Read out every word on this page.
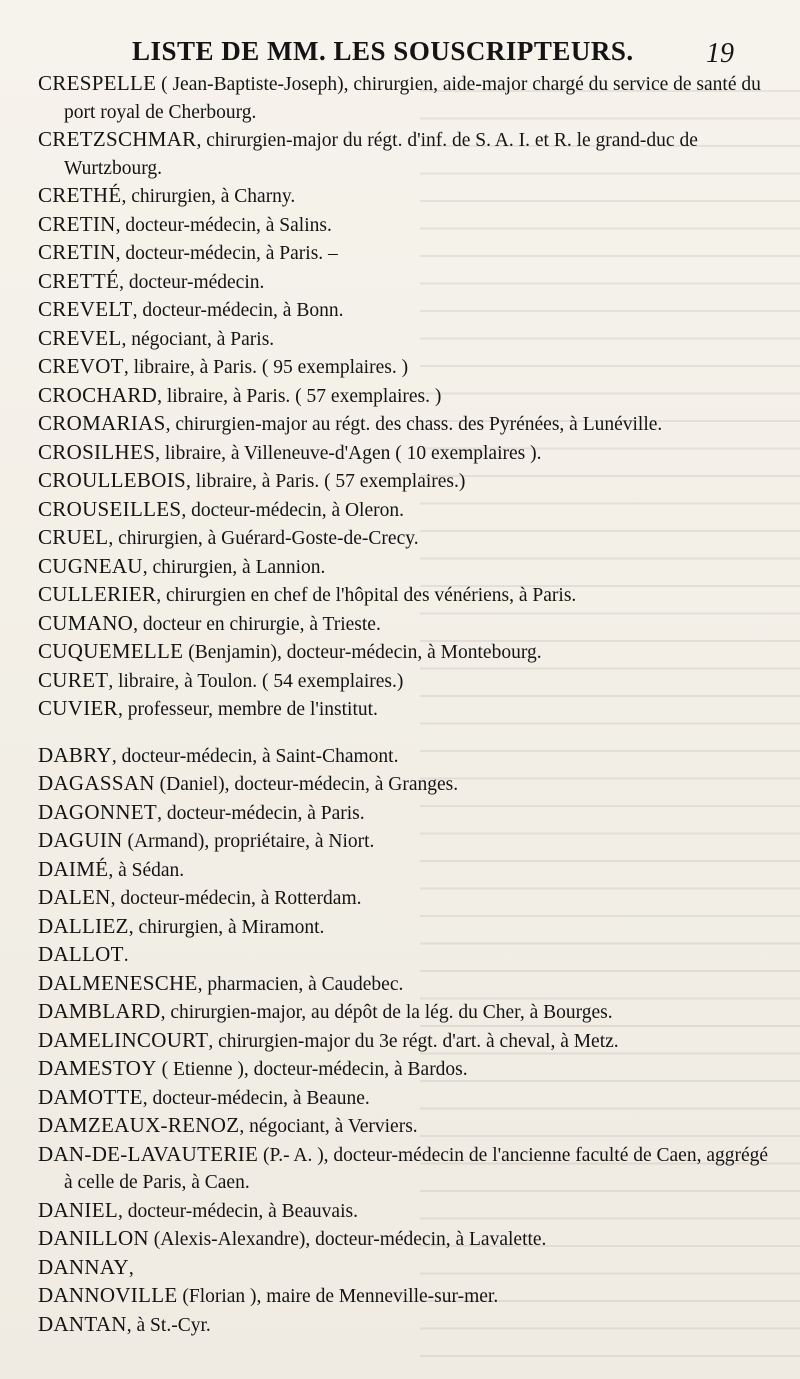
LISTE DE MM. LES SOUSCRIPTEURS.	19

CRESPELLE ( Jean-Baptiste-Joseph), chirurgien, aide-major chargé du service de santé du port royal de Cherbourg.

CRETZSCHMAR, chirurgien-major du régt. d'inf. de S. A. I. et R. le grand-duc de Wurtzbourg.

CRETHÉ, chirurgien, à Charny.

CRETIN, docteur-médecin, à Salins.

CRETIN, docteur-médecin, à Paris. –

CRETTÉ, docteur-médecin.

CREVELT, docteur-médecin, à Bonn.

CREVEL, négociant, à Paris.

CREVOT, libraire, à Paris. ( 95 exemplaires. )

CROCHARD, libraire, à Paris. ( 57 exemplaires. )

CROMARIAS, chirurgien-major au régt. des chass. des Pyrénées, à Lunéville.

CROSILHES, libraire, à Villeneuve-d'Agen ( 10 exemplaires ).

CROULLEBOIS, libraire, à Paris. ( 57 exemplaires.)

CROUSEILLES, docteur-médecin, à Oleron.

CRUEL, chirurgien, à Guérard-Goste-de-Crecy.

CUGNEAU, chirurgien, à Lannion.

CULLERIER, chirurgien en chef de l'hôpital des vénériens, à Paris.

CUMANO, docteur en chirurgie, à Trieste.

CUQUEMELLE (Benjamin), docteur-médecin, à Montebourg.

CURET, libraire, à Toulon. ( 54 exemplaires.)

CUVIER, professeur, membre de l'institut.

DABRY, docteur-médecin, à Saint-Chamont.

DAGASSAN (Daniel), docteur-médecin, à Granges.

DAGONNET, docteur-médecin, à Paris.

DAGUIN (Armand), propriétaire, à Niort.

DAIMÉ, à Sédan.

DALEN, docteur-médecin, à Rotterdam.

DALLIEZ, chirurgien, à Miramont.

DALLOT.

DALMENESCHE, pharmacien, à Caudebec.

DAMBLARD, chirurgien-major, au dépôt de la lég. du Cher, à Bourges.

DAMELINCOURT, chirurgien-major du 3e régt. d'art. à cheval, à Metz.

DAMESTOY ( Etienne ), docteur-médecin, à Bardos.

DAMOTTE, docteur-médecin, à Beaune.

DAMZEAUX-RENOZ, négociant, à Verviers.

DAN-DE-LAVAUTERIE (P.- A. ), docteur-médecin de l'ancienne faculté de Caen, aggrégé à celle de Paris, à Caen.

DANIEL, docteur-médecin, à Beauvais.

DANILLON (Alexis-Alexandre), docteur-médecin, à Lavalette.

DANNAY,

DANNOVILLE (Florian ), maire de Menneville-sur-mer.

DANTAN, à St.-Cyr.
